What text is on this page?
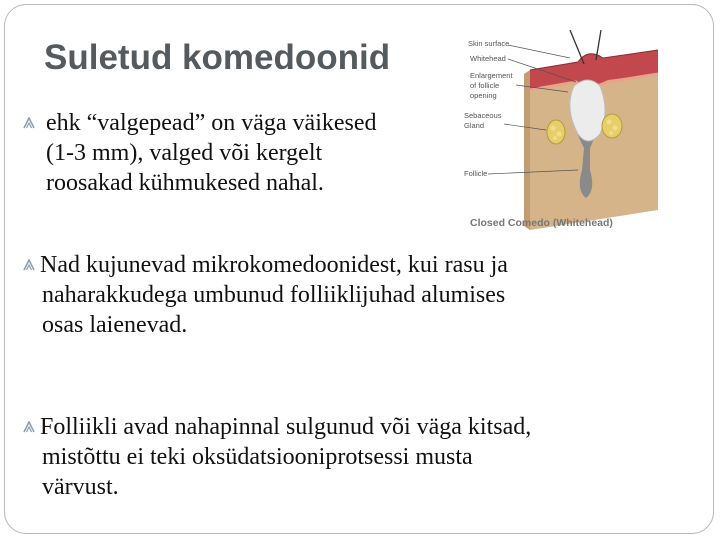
Suletud komedoonid
ehk “valgepead” on väga väikesed
(1-3 mm), valged või kergelt
roosakad kühmukesed nahal.
Nad kujunevad mikrokomedoonidest, kui rasu ja
naharakkudega umbunud folliiklijuhad alumises
osas laienevad.
Folliikli avad nahapinnal sulgunud või väga kitsad,
mistõttu ei teki oksüdatsiooniprotsessi musta
värvust.
Skin surface
Whitehead
Enlargement
of follicle
opening
Sebaceous
Gland
Follicle
Closed Comedo (Whitehead)
